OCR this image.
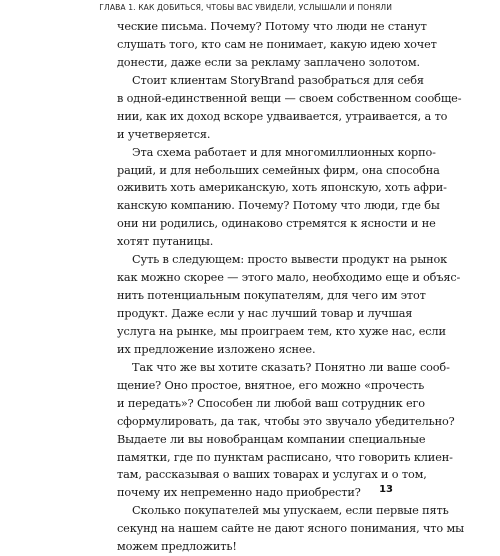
ГЛАВА 1. КАК ДОБИТЬСЯ, ЧТОБЫ ВАС УВИДЕЛИ, УСЛЫШАЛИ И ПОНЯЛИ
ческие письма. Почему? Потому что люди не станут
слушать того, кто сам не понимает, какую идею хочет
донести, даже если за рекламу заплачено золотом.
Стоит клиентам StoryBrand разобраться для себя
в одной-единственной вещи — своем собственном сообще-
нии, как их доход вскоре удваивается, утраивается, а то
и учетверяется.
Эта схема работает и для многомиллионных корпо-
раций, и для небольших семейных фирм, она способна
оживить хоть американскую, хоть японскую, хоть афри-
канскую компанию. Почему? Потому что люди, где бы
они ни родились, одинаково стремятся к ясности и не
хотят путаницы.
Суть в следующем: просто вывести продукт на рынок
как можно скорее — этого мало, необходимо еще и объяс-
нить потенциальным покупателям, для чего им этот
продукт. Даже если у нас лучший товар и лучшая
услуга на рынке, мы проиграем тем, кто хуже нас, если
их предложение изложено яснее.
Так что же вы хотите сказать? Понятно ли ваше сооб-
щение? Оно простое, внятное, его можно «прочесть
и передать»? Способен ли любой ваш сотрудник его
сформулировать, да так, чтобы это звучало убедительно?
Выдаете ли вы новобранцам компании специальные
памятки, где по пунктам расписано, что говорить клиен-
там, рассказывая о ваших товарах и услугах и о том,
почему их непременно надо приобрести?
Сколько покупателей мы упускаем, если первые пять
секунд на нашем сайте не дают ясного понимания, что мы
можем предложить!
13
